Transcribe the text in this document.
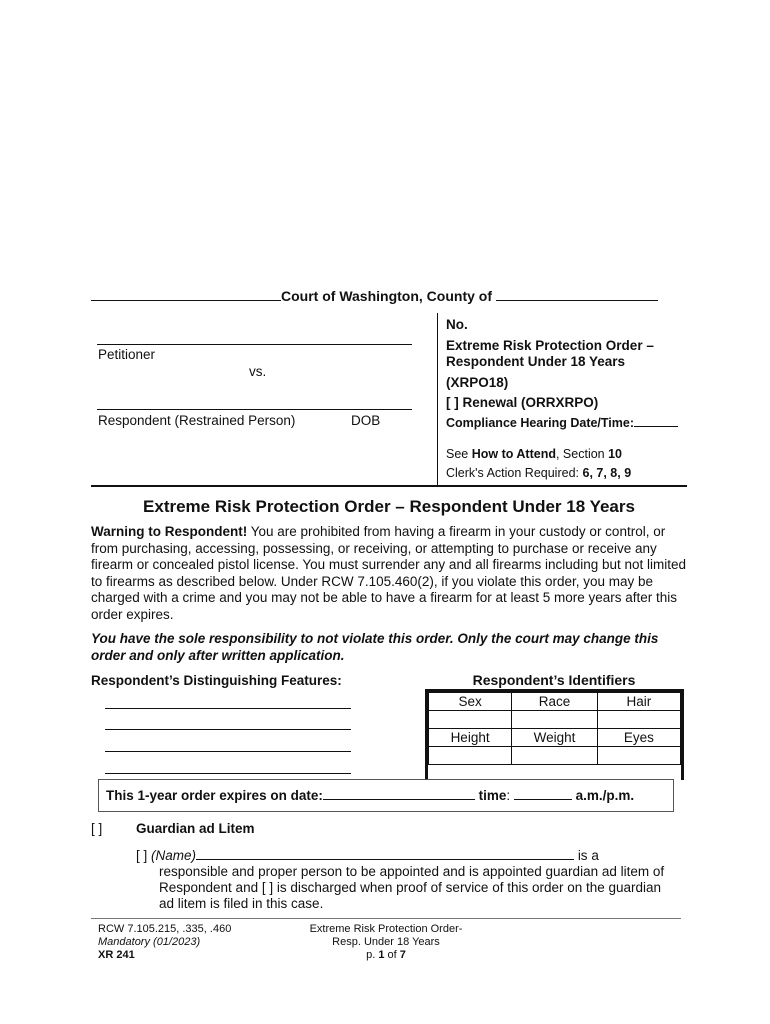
Court of Washington, County of
Petitioner
vs.
Respondent (Restrained Person)	DOB
No.
Extreme Risk Protection Order –
Respondent Under 18 Years
(XRPO18)
[ ] Renewal (ORRXRPO)
Compliance Hearing Date/Time:
See How to Attend, Section 10
Clerk's Action Required: 6, 7, 8, 9
Extreme Risk Protection Order – Respondent Under 18 Years
Warning to Respondent! You are prohibited from having a firearm in your custody or control, or from purchasing, accessing, possessing, or receiving, or attempting to purchase or receive any firearm or concealed pistol license. You must surrender any and all firearms including but not limited to firearms as described below. Under RCW 7.105.460(2), if you violate this order, you may be charged with a crime and you may not be able to have a firearm for at least 5 more years after this order expires.
You have the sole responsibility to not violate this order. Only the court may change this order and only after written application.
Respondent’s Distinguishing Features:	Respondent’s Identifiers
Sex	Race	Hair

Height	Weight	Eyes

This 1-year order expires on date:	time:	a.m./p.m.
[ ] Guardian ad Litem
[ ] (Name)	is a
responsible and proper person to be appointed and is appointed guardian ad litem of
Respondent and [ ] is discharged when proof of service of this order on the guardian
ad litem is filed in this case.
RCW 7.105.215, .335, .460
Mandatory (01/2023)
XR 241
Extreme Risk Protection Order-
Resp. Under 18 Years
p. 1 of 7
